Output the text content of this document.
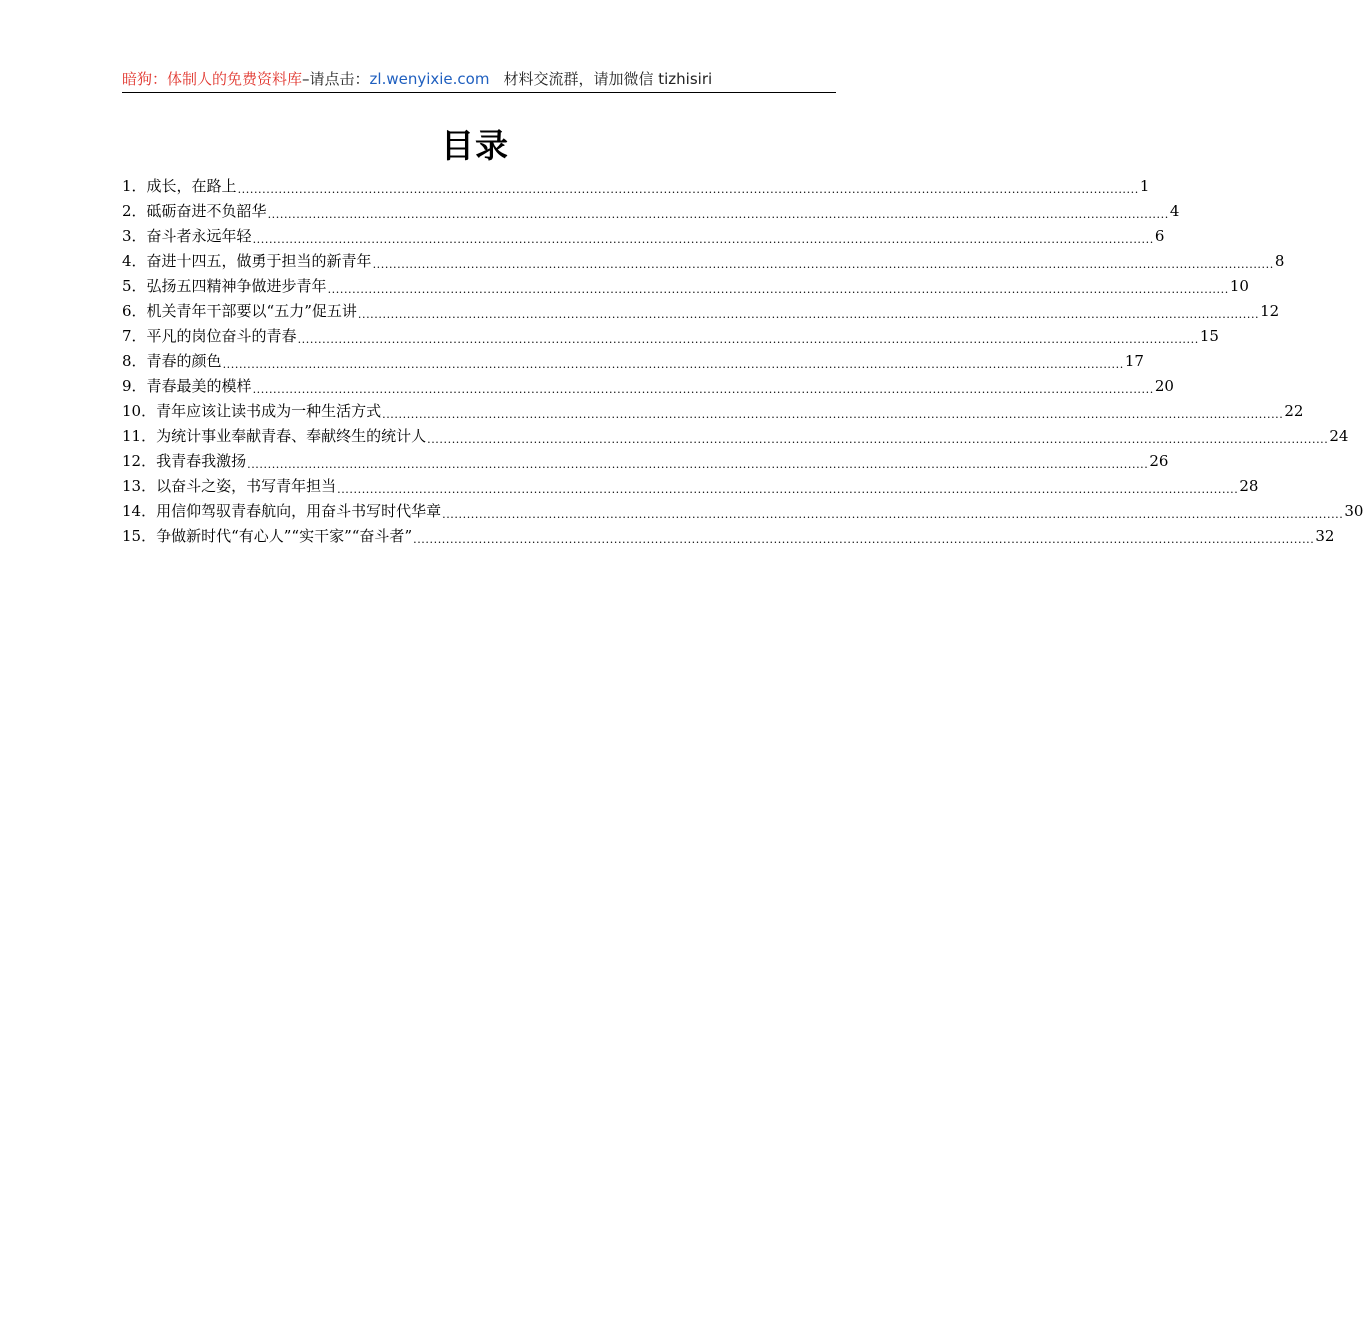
暗狗：体制人的免费资料库–请点击：zl.wenyixie.com 材料交流群，请加微信 tizhisiri
目录
1． 成长，在路上 ............................................................................................................................................................................................................................ 1
2． 砥砺奋进不负韶华 ............................................................................................................................................................................................................................ 4
3． 奋斗者永远年轻 ............................................................................................................................................................................................................................ 6
4． 奋进十四五，做勇于担当的新青年 ............................................................................................................................................................................................................................ 8
5． 弘扬五四精神争做进步青年 ............................................................................................................................................................................................................................ 10
6． 机关青年干部要以“五力”促五讲 ............................................................................................................................................................................................................................ 12
7． 平凡的岗位奋斗的青春 ............................................................................................................................................................................................................................ 15
8． 青春的颜色 ............................................................................................................................................................................................................................ 17
9． 青春最美的模样 ............................................................................................................................................................................................................................ 20
10． 青年应该让读书成为一种生活方式 ............................................................................................................................................................................................................................ 22
11． 为统计事业奉献青春、奉献终生的统计人 ............................................................................................................................................................................................................................ 24
12． 我青春我激扬 ............................................................................................................................................................................................................................ 26
13． 以奋斗之姿，书写青年担当 ............................................................................................................................................................................................................................ 28
14． 用信仰驾驭青春航向，用奋斗书写时代华章 ............................................................................................................................................................................................................................ 30
15． 争做新时代“有心人”“实干家”“奋斗者” ............................................................................................................................................................................................................................ 32
